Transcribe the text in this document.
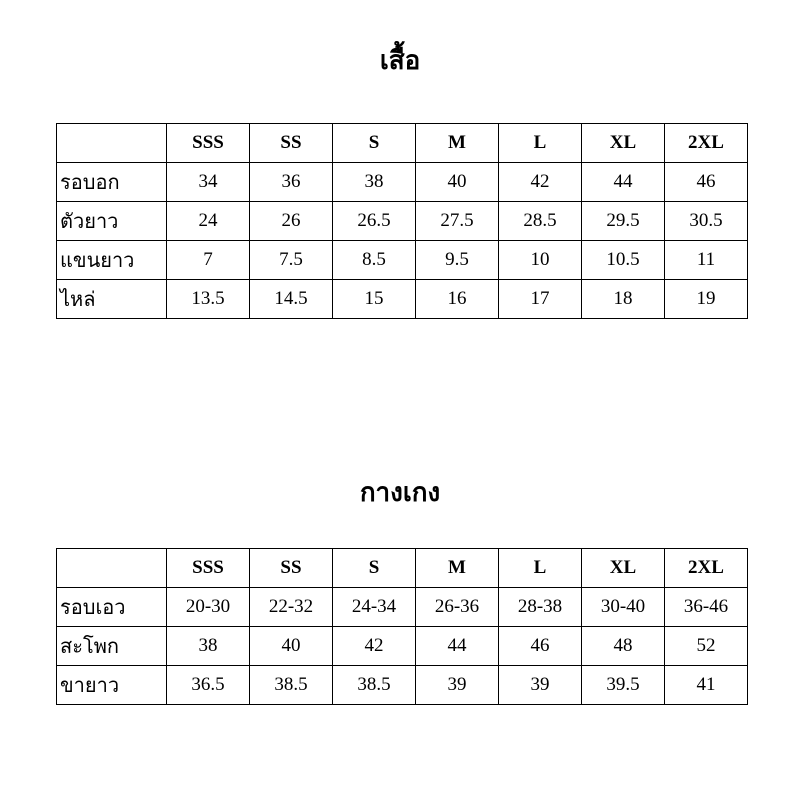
เสื้อ
	SSS	SS	S	M	L	XL	2XL
รอบอก	34	36	38	40	42	44	46
ตัวยาว	24	26	26.5	27.5	28.5	29.5	30.5
แขนยาว	7	7.5	8.5	9.5	10	10.5	11
ไหล่	13.5	14.5	15	16	17	18	19
กางเกง
	SSS	SS	S	M	L	XL	2XL
รอบเอว	20-30	22-32	24-34	26-36	28-38	30-40	36-46
สะโพก	38	40	42	44	46	48	52
ขายาว	36.5	38.5	38.5	39	39	39.5	41
